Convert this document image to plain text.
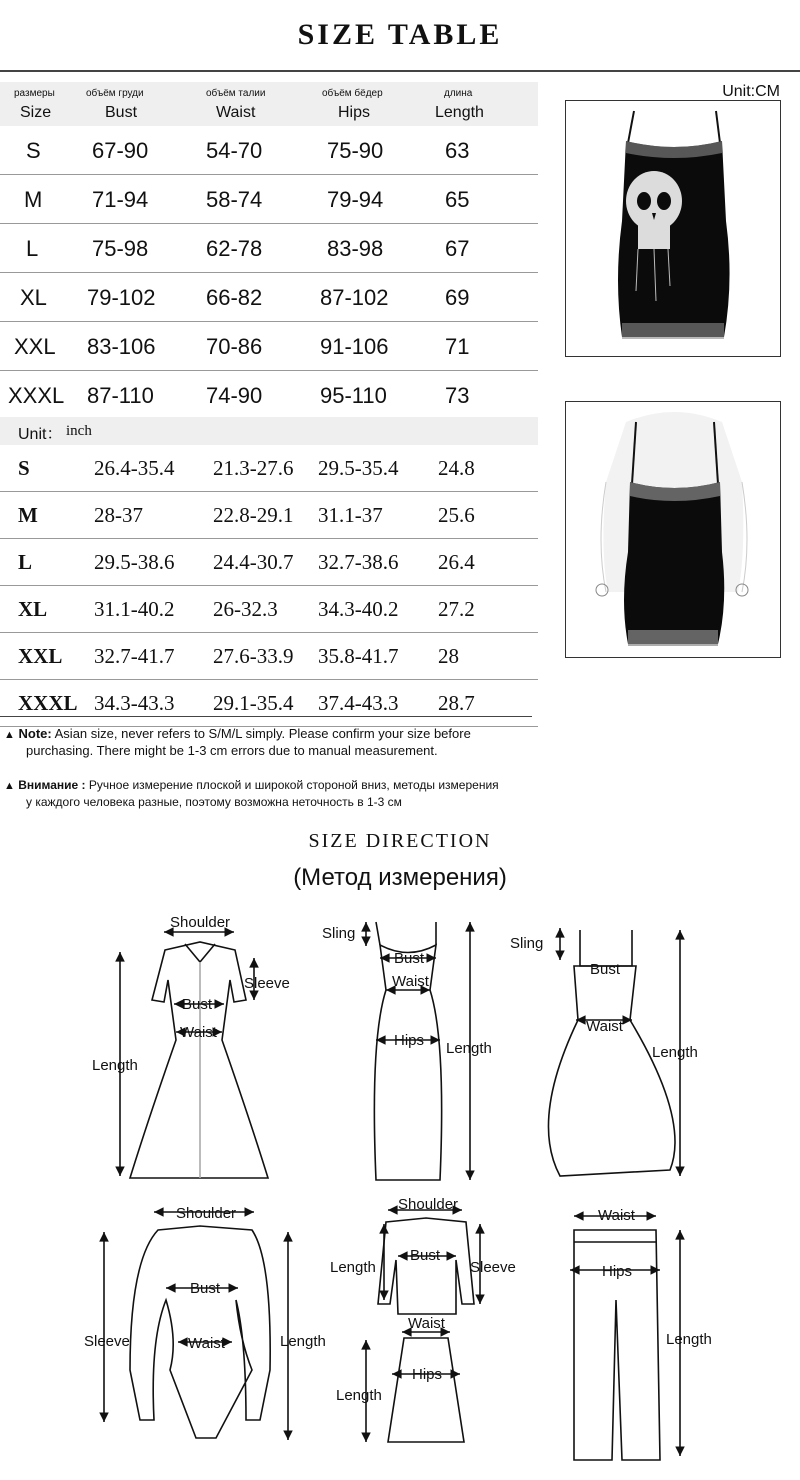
SIZE TABLE
Unit:CM
размеры	объём груди	объём талии	объём бёдер	длина
Size	Bust	Waist	Hips	Length
S 67-90	54-70	75-90	63
M 71-94	58-74	79-94	65
L 75-98	62-78	83-98	67
XL 79-102 66-82	87-102	69
XXL 83-106 70-86	91-106	71
XXXL 87-110 74-90	95-110	73
Unit： inch
S	26.4-35.4 21.3-27.6 29.5-35.4 24.8
M	28-37	22.8-29.1 31.1-37	25.6
L	29.5-38.6 24.4-30.7 32.7-38.6 26.4
XL 31.1-40.2 26-32.3 34.3-40.2 27.2
XXL 32.7-41.7 27.6-33.9 35.8-41.7 28
XXXL 34.3-43.3 29.1-35.4 37.4-43.3 28.7
▲ Note: Asian size, never refers to S/M/L simply. Please confirm your size before
purchasing. There might be 1-3 cm errors due to manual measurement.
▲ Внимание : Ручное измерение плоской и широкой стороной вниз, методы измерения
у каждого человека разные, поэтому возможна неточность в 1-3 см
SIZE DIRECTION
(Метод измерения)
Shoulder
Sleeve
Bust
Waist
Length
Sling
Bust
Waist
Hips Length
Sling
Bust
Waist
Length
Shoulder
Bust
Waist
Sleeve	Length
Shoulder
Bust
Length	Sleeve
Waist
Hips
Length
Waist
Hips
Length
